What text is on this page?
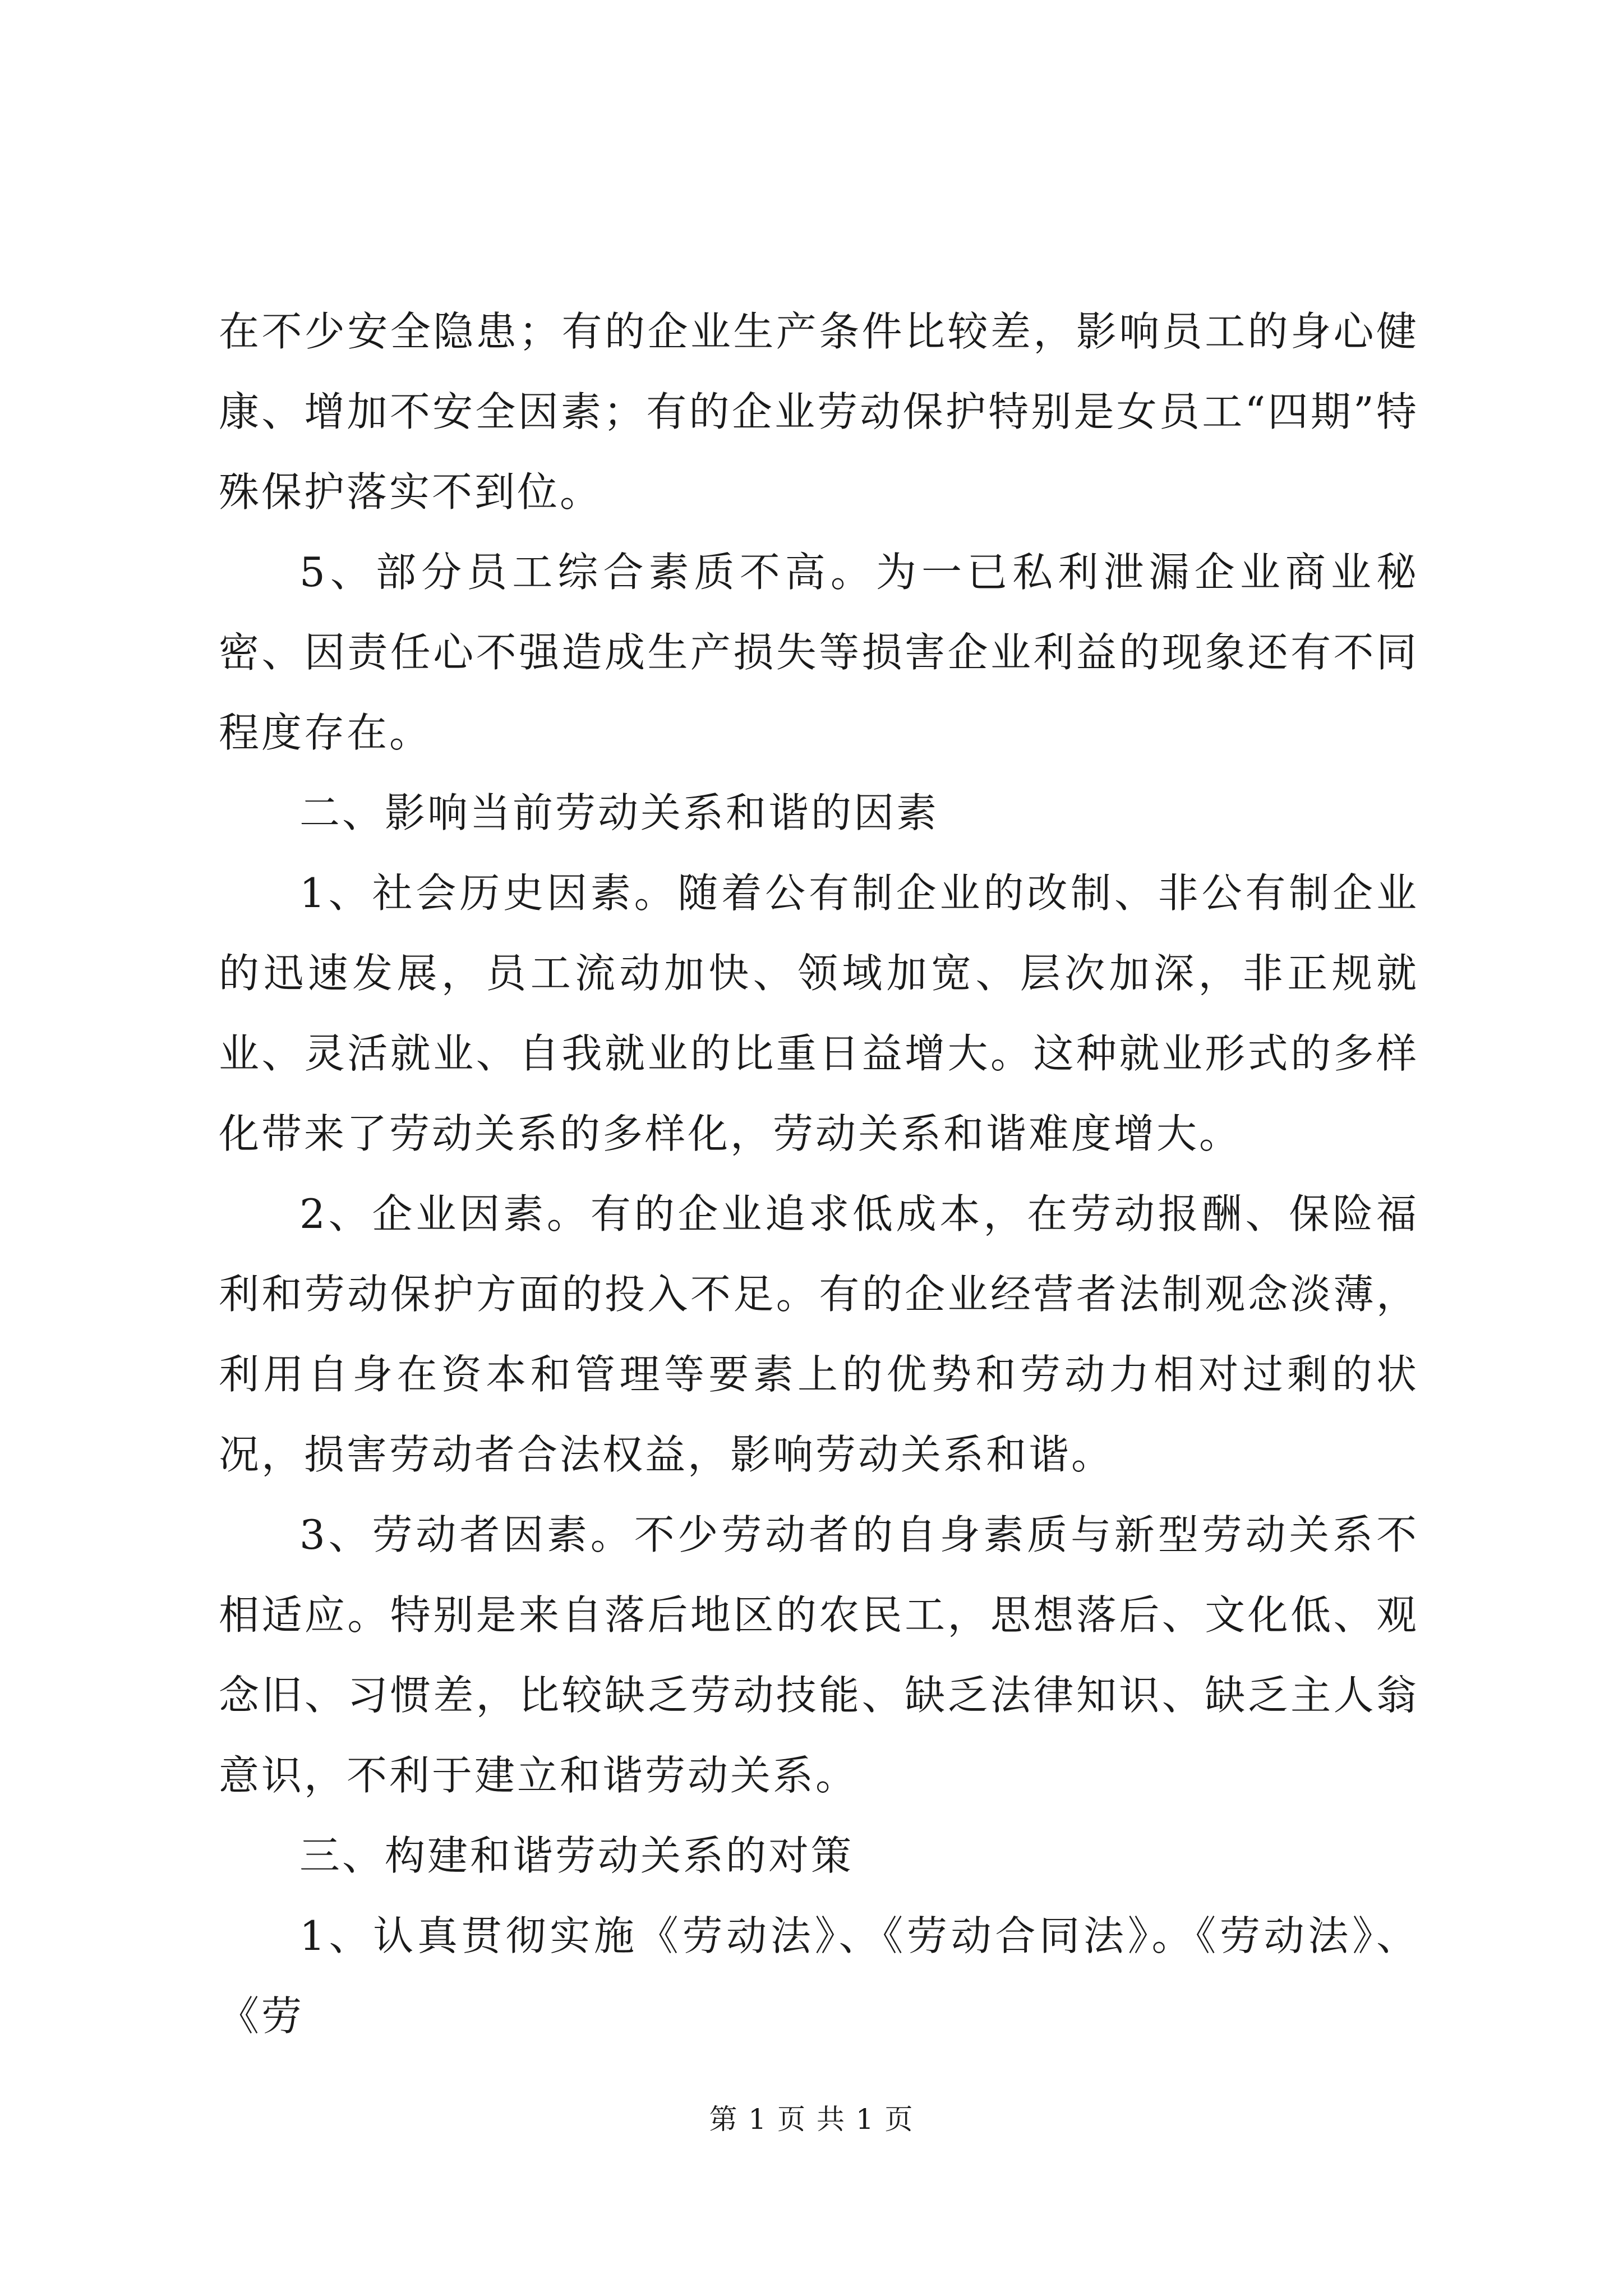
在不少安全隐患；有的企业生产条件比较差，影响员工的身心健康、增加不安全因素；有的企业劳动保护特别是女员工“四期”特殊保护落实不到位。

5、部分员工综合素质不高。为一已私利泄漏企业商业秘密、因责任心不强造成生产损失等损害企业利益的现象还有不同程度存在。

二、影响当前劳动关系和谐的因素

1、社会历史因素。随着公有制企业的改制、非公有制企业的迅速发展，员工流动加快、领域加宽、层次加深，非正规就业、灵活就业、自我就业的比重日益增大。这种就业形式的多样化带来了劳动关系的多样化，劳动关系和谐难度增大。

2、企业因素。有的企业追求低成本，在劳动报酬、保险福利和劳动保护方面的投入不足。有的企业经营者法制观念淡薄，利用自身在资本和管理等要素上的优势和劳动力相对过剩的状况，损害劳动者合法权益，影响劳动关系和谐。

3、劳动者因素。不少劳动者的自身素质与新型劳动关系不相适应。特别是来自落后地区的农民工，思想落后、文化低、观念旧、习惯差，比较缺乏劳动技能、缺乏法律知识、缺乏主人翁意识，不利于建立和谐劳动关系。

三、构建和谐劳动关系的对策

1、认真贯彻实施《劳动法》、《劳动合同法》。《劳动法》、《劳

第 1 页 共 1 页
